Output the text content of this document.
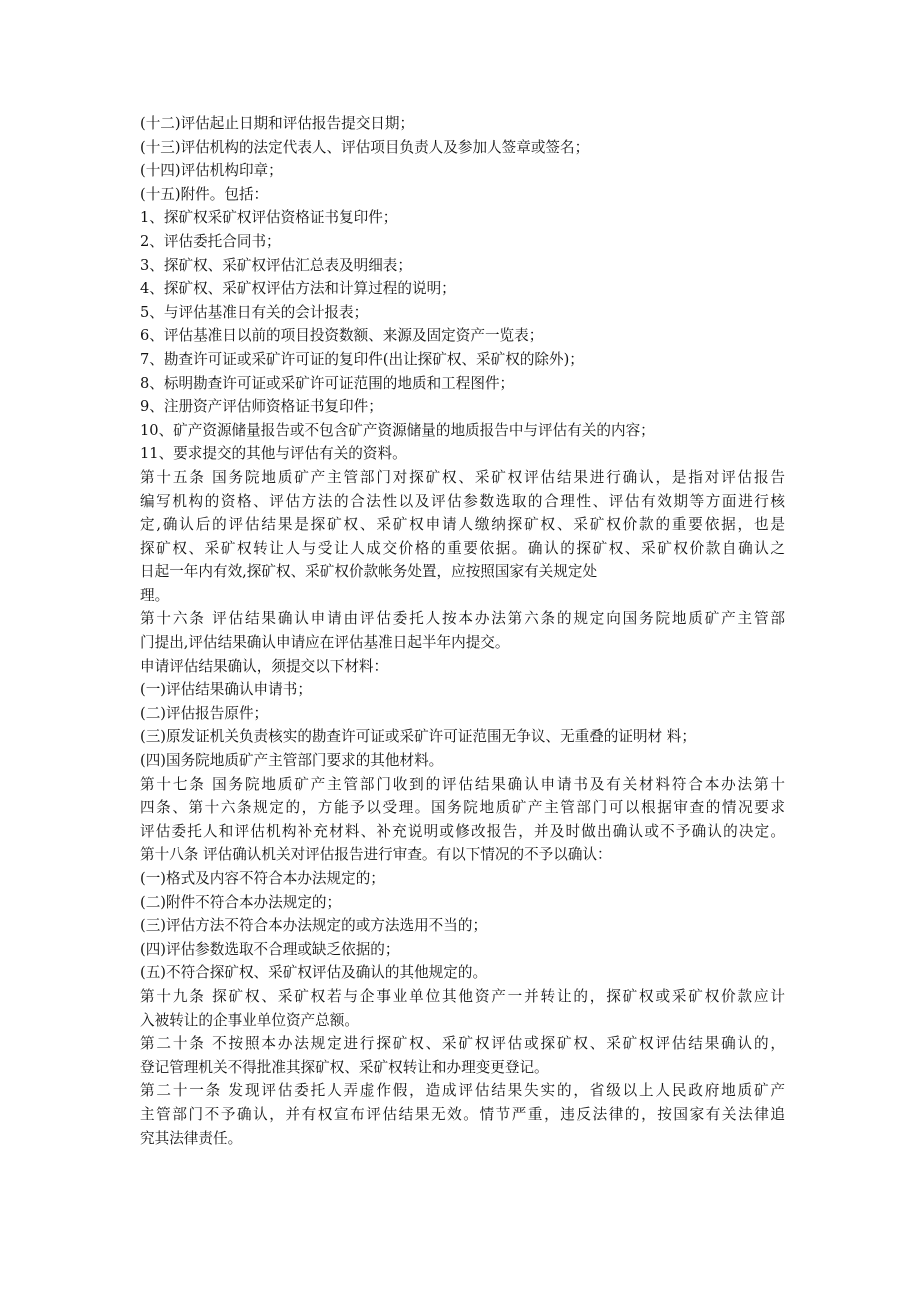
(十二)评估起止日期和评估报告提交日期；
(十三)评估机构的法定代表人、评估项目负责人及参加人签章或签名；
(十四)评估机构印章；
(十五)附件。包括：
1、探矿权采矿权评估资格证书复印件；
2、评估委托合同书；
3、探矿权、采矿权评估汇总表及明细表；
4、探矿权、采矿权评估方法和计算过程的说明；
5、与评估基准日有关的会计报表；
6、评估基准日以前的项目投资数额、来源及固定资产一览表；
7、勘查许可证或采矿许可证的复印件(出让探矿权、采矿权的除外)；
8、标明勘查许可证或采矿许可证范围的地质和工程图件；
9、注册资产评估师资格证书复印件；
10、矿产资源储量报告或不包含矿产资源储量的地质报告中与评估有关的内容；
11、要求提交的其他与评估有关的资料。
第十五条 国务院地质矿产主管部门对探矿权、采矿权评估结果进行确认，是指对评估报告
编写机构的资格、评估方法的合法性以及评估参数选取的合理性、评估有效期等方面进行核
定,确认后的评估结果是探矿权、采矿权申请人缴纳探矿权、采矿权价款的重要依据，也是
探矿权、采矿权转让人与受让人成交价格的重要依据。确认的探矿权、采矿权价款自确认之
日起一年内有效,探矿权、采矿权价款帐务处置，应按照国家有关规定处
理。
第十六条 评估结果确认申请由评估委托人按本办法第六条的规定向国务院地质矿产主管部
门提出,评估结果确认申请应在评估基准日起半年内提交。
申请评估结果确认，须提交以下材料：
(一)评估结果确认申请书；
(二)评估报告原件；
(三)原发证机关负责核实的勘查许可证或采矿许可证范围无争议、无重叠的证明材 料；
(四)国务院地质矿产主管部门要求的其他材料。
第十七条 国务院地质矿产主管部门收到的评估结果确认申请书及有关材料符合本办法第十
四条、第十六条规定的，方能予以受理。国务院地质矿产主管部门可以根据审查的情况要求
评估委托人和评估机构补充材料、补充说明或修改报告，并及时做出确认或不予确认的决定。
第十八条 评估确认机关对评估报告进行审查。有以下情况的不予以确认：
(一)格式及内容不符合本办法规定的；
(二)附件不符合本办法规定的；
(三)评估方法不符合本办法规定的或方法选用不当的；
(四)评估参数选取不合理或缺乏依据的；
(五)不符合探矿权、采矿权评估及确认的其他规定的。
第十九条 探矿权、采矿权若与企事业单位其他资产一并转让的，探矿权或采矿权价款应计
入被转让的企事业单位资产总额。
第二十条 不按照本办法规定进行探矿权、采矿权评估或探矿权、采矿权评估结果确认的，
登记管理机关不得批准其探矿权、采矿权转让和办理变更登记。
第二十一条 发现评估委托人弄虚作假，造成评估结果失实的，省级以上人民政府地质矿产
主管部门不予确认，并有权宣布评估结果无效。情节严重，违反法律的，按国家有关法律追
究其法律责任。
